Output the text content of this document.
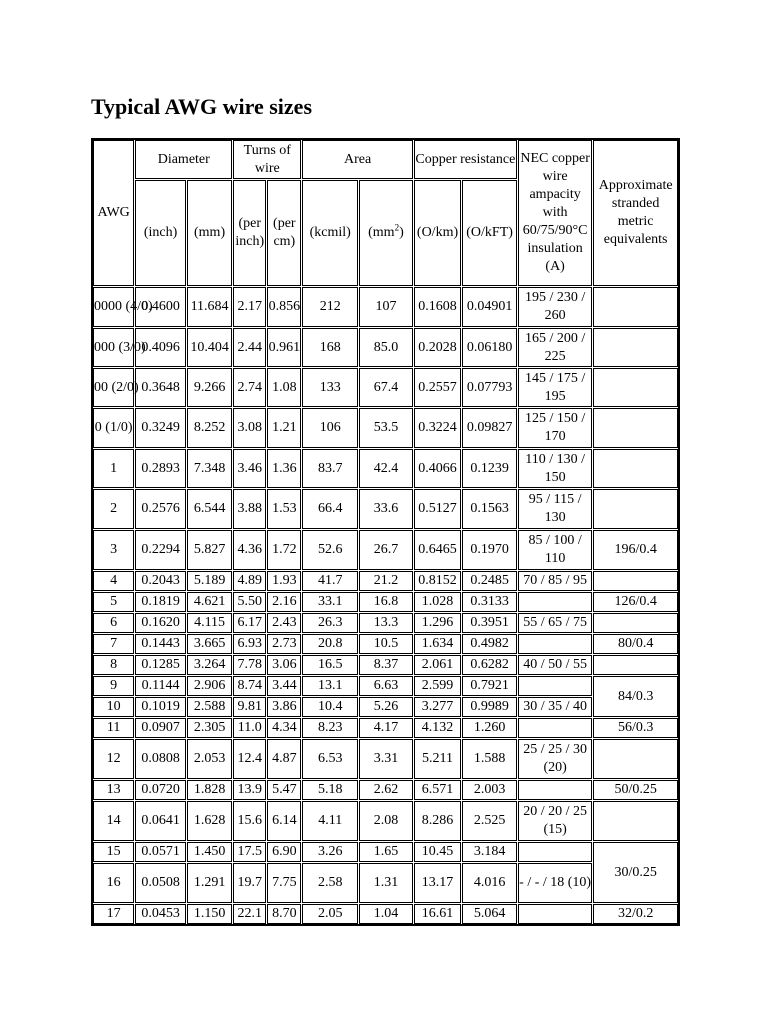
Typical AWG wire sizes
AWG	Diameter		Turns of wire		Area		Copper resistance		NEC copper wire ampacity with 60/75/90°C insulation (A)	Approximate stranded metric equivalents
	(inch)	(mm)	(per inch)	(per cm)	(kcmil)	$(mm^2)$	(O/km)	(O/kFT)		
0000 (4/0)	0.4600	11.684	2.17	0.856	212	107	0.1608	0.04901	195 / 230 / 260	
000 (3/0)	0.4096	10.404	2.44	0.961	168	85.0	0.2028	0.06180	165 / 200 / 225	
00 (2/0)	0.3648	9.266	2.74	1.08	133	67.4	0.2557	0.07793	145 / 175 / 195	
0 (1/0)	0.3249	8.252	3.08	1.21	106	53.5	0.3224	0.09827	125 / 150 / 170	
1	0.2893	7.348	3.46	1.36	83.7	42.4	0.4066	0.1239	110 / 130 / 150	
2	0.2576	6.544	3.88	1.53	66.4	33.6	0.5127	0.1563	95 / 115 / 130	
3	0.2294	5.827	4.36	1.72	52.6	26.7	0.6465	0.1970	85 / 100 / 110	196/0.4
4	0.2043	5.189	4.89	1.93	41.7	21.2	0.8152	0.2485	70 / 85 / 95	
5	0.1819	4.621	5.50	2.16	33.1	16.8	1.028	0.3133		126/0.4
6	0.1620	4.115	6.17	2.43	26.3	13.3	1.296	0.3951	55 / 65 / 75	
7	0.1443	3.665	6.93	2.73	20.8	10.5	1.634	0.4982		80/0.4
8	0.1285	3.264	7.78	3.06	16.5	8.37	2.061	0.6282	40 / 50 / 55	
9	0.1144	2.906	8.74	3.44	13.1	6.63	2.599	0.7921		84/0.3
10	0.1019	2.588	9.81	3.86	10.4	5.26	3.277	0.9989	30 / 35 / 40	
11	0.0907	2.305	11.0	4.34	8.23	4.17	4.132	1.260		56/0.3
12	0.0808	2.053	12.4	4.87	6.53	3.31	5.211	1.588	25 / 25 / 30 (20)	
13	0.0720	1.828	13.9	5.47	5.18	2.62	6.571	2.003		50/0.25
14	0.0641	1.628	15.6	6.14	4.11	2.08	8.286	2.525	20 / 20 / 25 (15)	
15	0.0571	1.450	17.5	6.90	3.26	1.65	10.45	3.184		30/0.25
16	0.0508	1.291	19.7	7.75	2.58	1.31	13.17	4.016	- / - / 18 (10)	
17	0.0453	1.150	22.1	8.70	2.05	1.04	16.61	5.064		32/0.2
